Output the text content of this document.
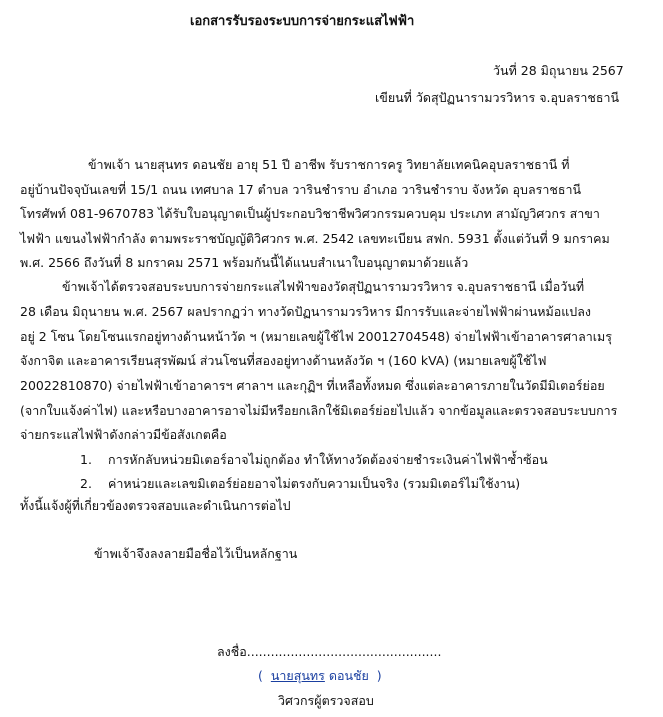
เอกสารรับรองระบบการจ่ายกระแสไฟฟ้า
วันที่ 28 มิถุนายน 2567
เขียนที่ วัดสุปัฏนารามวรวิหาร จ.อุบลราชธานี
ข้าพเจ้า นายสุนทร ดอนชัย อายุ 51 ปี อาชีพ รับราชการครู วิทยาลัยเทคนิคอุบลราชธานี ที่
อยู่บ้านปัจจุบันเลขที่ 15/1 ถนน เทศบาล 17 ตำบล วารินชำราบ อำเภอ วารินชำราบ จังหวัด อุบลราชธานี
โทรศัพท์ 081-9670783 ได้รับใบอนุญาตเป็นผู้ประกอบวิชาชีพวิศวกรรมควบคุม ประเภท สามัญวิศวกร สาขา
ไฟฟ้า แขนงไฟฟ้ากำลัง ตามพระราชบัญญัติวิศวกร พ.ศ. 2542 เลขทะเบียน สฟก. 5931 ตั้งแต่วันที่ 9 มกราคม
พ.ศ. 2566 ถึงวันที่ 8 มกราคม 2571 พร้อมกันนี้ได้แนบสำเนาใบอนุญาตมาด้วยแล้ว
ข้าพเจ้าได้ตรวจสอบระบบการจ่ายกระแสไฟฟ้าของวัดสุปัฏนารามวรวิหาร จ.อุบลราชธานี เมื่อวันที่
28 เดือน มิถุนายน พ.ศ. 2567 ผลปรากฏว่า ทางวัดปัฏนารามวรวิหาร มีการรับและจ่ายไฟฟ้าผ่านหม้อแปลง
อยู่ 2 โซน โดยโซนแรกอยู่ทางด้านหน้าวัด ฯ (หมายเลขผู้ใช้ไฟ 20012704548) จ่ายไฟฟ้าเข้าอาคารศาลาเมรุ
จังกาจิต และอาคารเรียนสุรพัฒน์ ส่วนโซนที่สองอยู่ทางด้านหลังวัด ฯ (160 kVA) (หมายเลขผู้ใช้ไฟ
20022810870) จ่ายไฟฟ้าเข้าอาคารฯ ศาลาฯ และกุฏิฯ ที่เหลือทั้งหมด ซึ่งแต่ละอาคารภายในวัดมีมิเตอร์ย่อย
(จากใบแจ้งค่าไฟ) และหรือบางอาคารอาจไม่มีหรือยกเลิกใช้มิเตอร์ย่อยไปแล้ว จากข้อมูลและตรวจสอบระบบการ
จ่ายกระแสไฟฟ้าดังกล่าวมีข้อสังเกตคือ
1. การหักลับหน่วยมิเตอร์อาจไม่ถูกต้อง ทำให้ทางวัดต้องจ่ายชำระเงินค่าไฟฟ้าซ้ำซ้อน
2. ค่าหน่วยและเลขมิเตอร์ย่อยอาจไม่ตรงกับความเป็นจริง (รวมมิเตอร์ไม่ใช้งาน)
ทั้งนี้แจ้งผู้ที่เกี่ยวข้องตรวจสอบและดำเนินการต่อไป
ข้าพเจ้าจึงลงลายมือชื่อไว้เป็นหลักฐาน
ลงชื่อ.................................................
( นายสุนทร ดอนชัย )
วิศวกรผู้ตรวจสอบ
